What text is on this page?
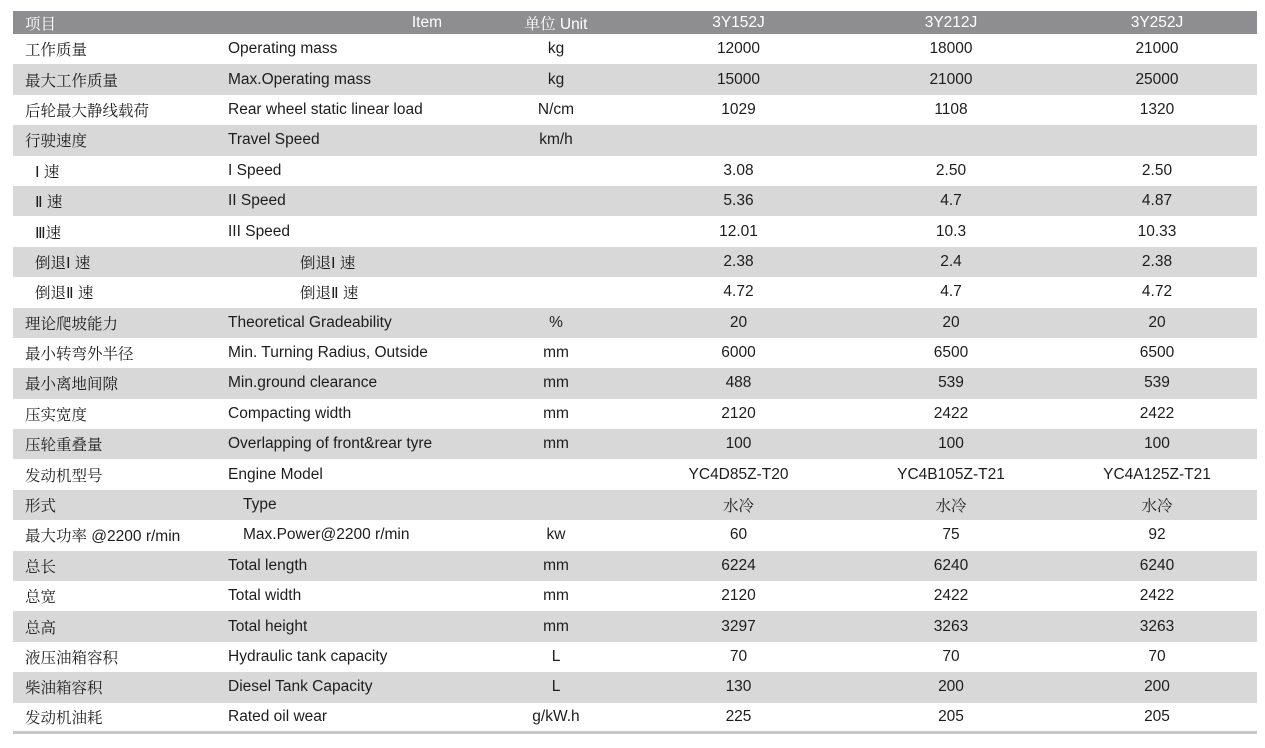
项目	Item	单位 Unit	3Y152J	3Y212J	3Y252J
工作质量	Operating mass	kg	12000	18000	21000
最大工作质量	Max.Operating mass	kg	15000	21000	25000
后轮最大静线载荷	Rear wheel static linear load	N/cm	1029	1108	1320
行驶速度	Travel Speed	km/h			
Ⅰ 速	I Speed		3.08	2.50	2.50
Ⅱ 速	II Speed		5.36	4.7	4.87
Ⅲ速	III Speed		12.01	10.3	10.33
倒退Ⅰ 速	倒退Ⅰ 速		2.38	2.4	2.38
倒退Ⅱ 速	倒退Ⅱ 速		4.72	4.7	4.72
理论爬坡能力	Theoretical Gradeability	%	20	20	20
最小转弯外半径	Min. Turning Radius, Outside	mm	6000	6500	6500
最小离地间隙	Min.ground clearance	mm	488	539	539
压实宽度	Compacting width	mm	2120	2422	2422
压轮重叠量	Overlapping of front&rear tyre	mm	100	100	100
发动机型号	Engine Model		YC4D85Z-T20	YC4B105Z-T21	YC4A125Z-T21
形式	Type		水冷	水冷	水冷
最大功率 @2200 r/min	Max.Power@2200 r/min	kw	60	75	92
总长	Total length	mm	6224	6240	6240
总宽	Total width	mm	2120	2422	2422
总高	Total height	mm	3297	3263	3263
液压油箱容积	Hydraulic tank capacity	L	70	70	70
柴油箱容积	Diesel Tank Capacity	L	130	200	200
发动机油耗	Rated oil wear	g/kW.h	225	205	205
